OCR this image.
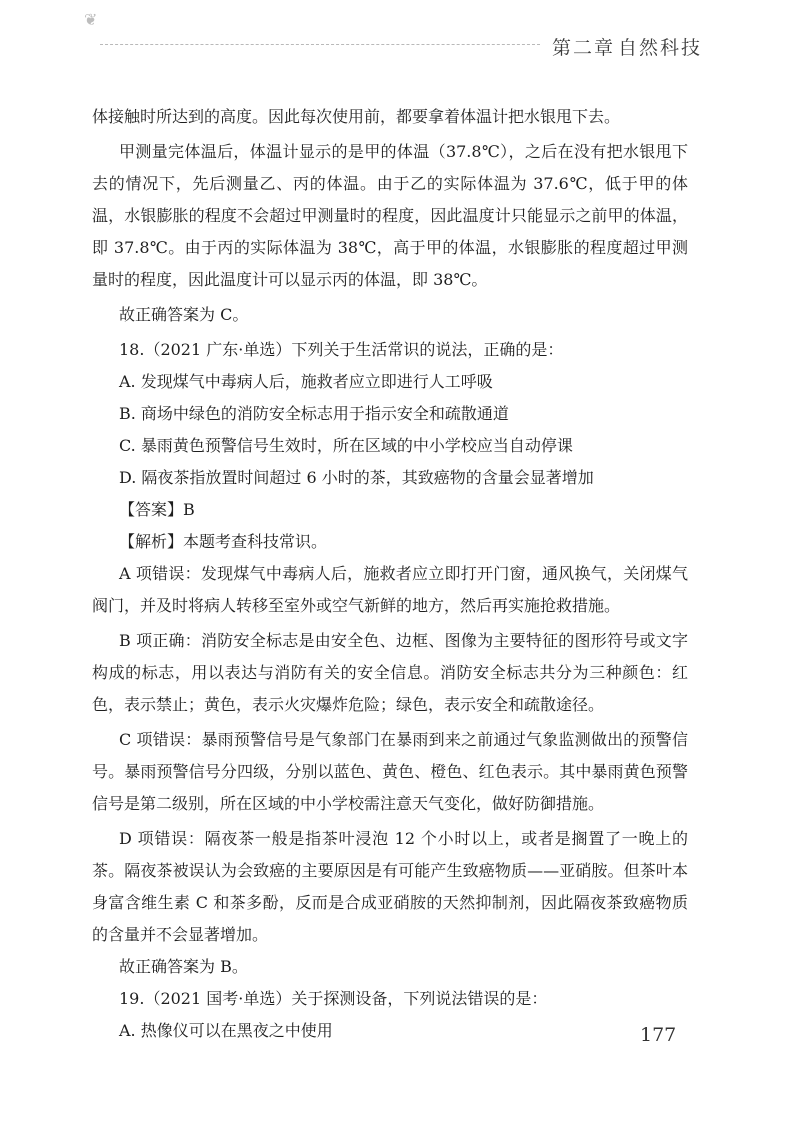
❦
第二章 自然科技

体接触时所达到的高度。因此每次使用前，都要拿着体温计把水银甩下去。

甲测量完体温后，体温计显示的是甲的体温（37.8℃），之后在没有把水银甩下去的情况下，先后测量乙、丙的体温。由于乙的实际体温为 37.6℃，低于甲的体温，水银膨胀的程度不会超过甲测量时的程度，因此温度计只能显示之前甲的体温，即 37.8℃。由于丙的实际体温为 38℃，高于甲的体温，水银膨胀的程度超过甲测量时的程度，因此温度计可以显示丙的体温，即 38℃。

故正确答案为 C。

18.（2021 广东·单选）下列关于生活常识的说法，正确的是：

A. 发现煤气中毒病人后，施救者应立即进行人工呼吸

B. 商场中绿色的消防安全标志用于指示安全和疏散通道

C. 暴雨黄色预警信号生效时，所在区域的中小学校应当自动停课

D. 隔夜茶指放置时间超过 6 小时的茶，其致癌物的含量会显著增加

【答案】B

【解析】本题考查科技常识。

A 项错误：发现煤气中毒病人后，施救者应立即打开门窗，通风换气，关闭煤气阀门，并及时将病人转移至室外或空气新鲜的地方，然后再实施抢救措施。

B 项正确：消防安全标志是由安全色、边框、图像为主要特征的图形符号或文字构成的标志，用以表达与消防有关的安全信息。消防安全标志共分为三种颜色：红色，表示禁止；黄色，表示火灾爆炸危险；绿色，表示安全和疏散途径。

C 项错误：暴雨预警信号是气象部门在暴雨到来之前通过气象监测做出的预警信号。暴雨预警信号分四级，分别以蓝色、黄色、橙色、红色表示。其中暴雨黄色预警信号是第二级别，所在区域的中小学校需注意天气变化，做好防御措施。

D 项错误：隔夜茶一般是指茶叶浸泡 12 个小时以上，或者是搁置了一晚上的茶。隔夜茶被误认为会致癌的主要原因是有可能产生致癌物质——亚硝胺。但茶叶本身富含维生素 C 和茶多酚，反而是合成亚硝胺的天然抑制剂，因此隔夜茶致癌物质的含量并不会显著增加。

故正确答案为 B。

19.（2021 国考·单选）关于探测设备，下列说法错误的是：

A. 热像仪可以在黑夜之中使用	177
